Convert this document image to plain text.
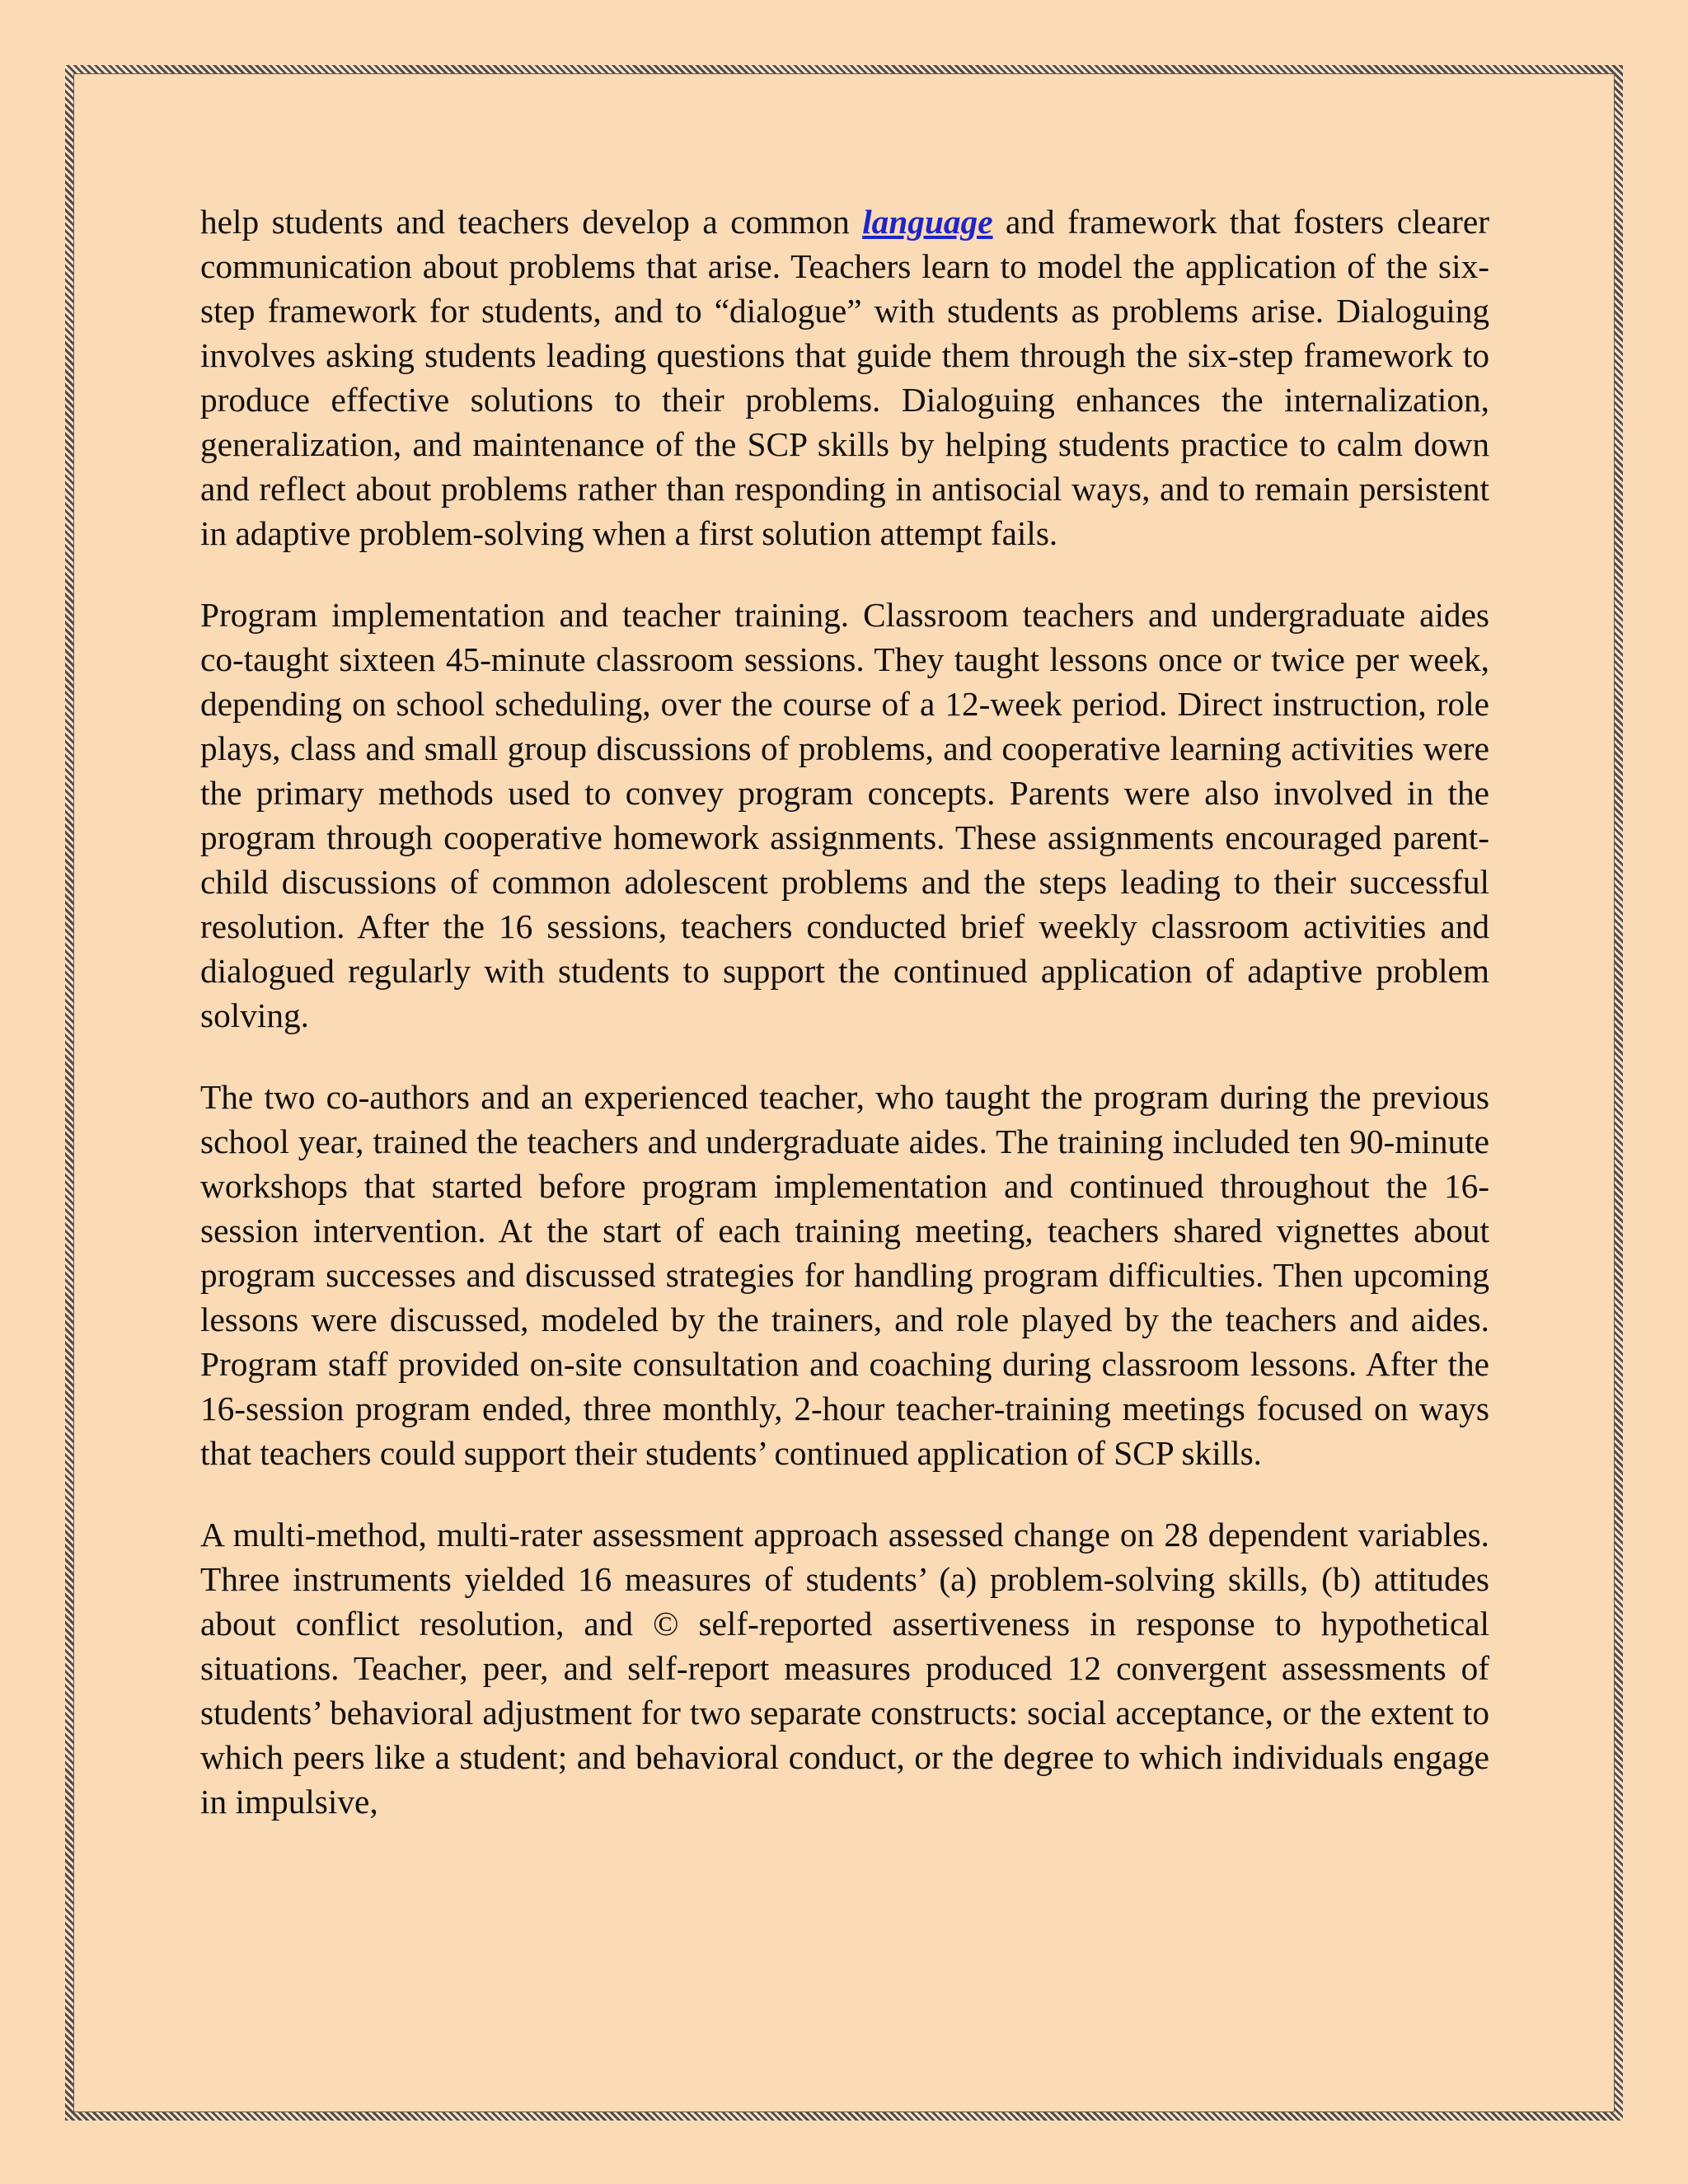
help students and teachers develop a common language and framework that fosters clearer communication about problems that arise. Teachers learn to model the application of the six-step framework for students, and to “dialogue” with students as problems arise. Dialoguing involves asking students leading questions that guide them through the six-step framework to produce effective solutions to their problems. Dialoguing enhances the internalization, generalization, and maintenance of the SCP skills by helping students practice to calm down and reflect about problems rather than responding in antisocial ways, and to remain persistent in adaptive problem-solving when a first solution attempt fails.

Program implementation and teacher training. Classroom teachers and undergraduate aides co-taught sixteen 45-minute classroom sessions. They taught lessons once or twice per week, depending on school scheduling, over the course of a 12-week period. Direct instruction, role plays, class and small group discussions of problems, and cooperative learning activities were the primary methods used to convey program concepts. Parents were also involved in the program through cooperative homework assignments. These assignments encouraged parent-child discussions of common adolescent problems and the steps leading to their successful resolution. After the 16 sessions, teachers conducted brief weekly classroom activities and dialogued regularly with students to support the continued application of adaptive problem solving.

The two co-authors and an experienced teacher, who taught the program during the previous school year, trained the teachers and undergraduate aides. The training included ten 90-minute workshops that started before program implementation and continued throughout the 16-session intervention. At the start of each training meeting, teachers shared vignettes about program successes and discussed strategies for handling program difficulties. Then upcoming lessons were discussed, modeled by the trainers, and role played by the teachers and aides. Program staff provided on-site consultation and coaching during classroom lessons. After the 16-session program ended, three monthly, 2-hour teacher-training meetings focused on ways that teachers could support their students’ continued application of SCP skills.

A multi-method, multi-rater assessment approach assessed change on 28 dependent variables. Three instruments yielded 16 measures of students’ (a) problem-solving skills, (b) attitudes about conflict resolution, and © self-reported assertiveness in response to hypothetical situations. Teacher, peer, and self-report measures produced 12 convergent assessments of students’ behavioral adjustment for two separate constructs: social acceptance, or the extent to which peers like a student; and behavioral conduct, or the degree to which individuals engage in impulsive,
